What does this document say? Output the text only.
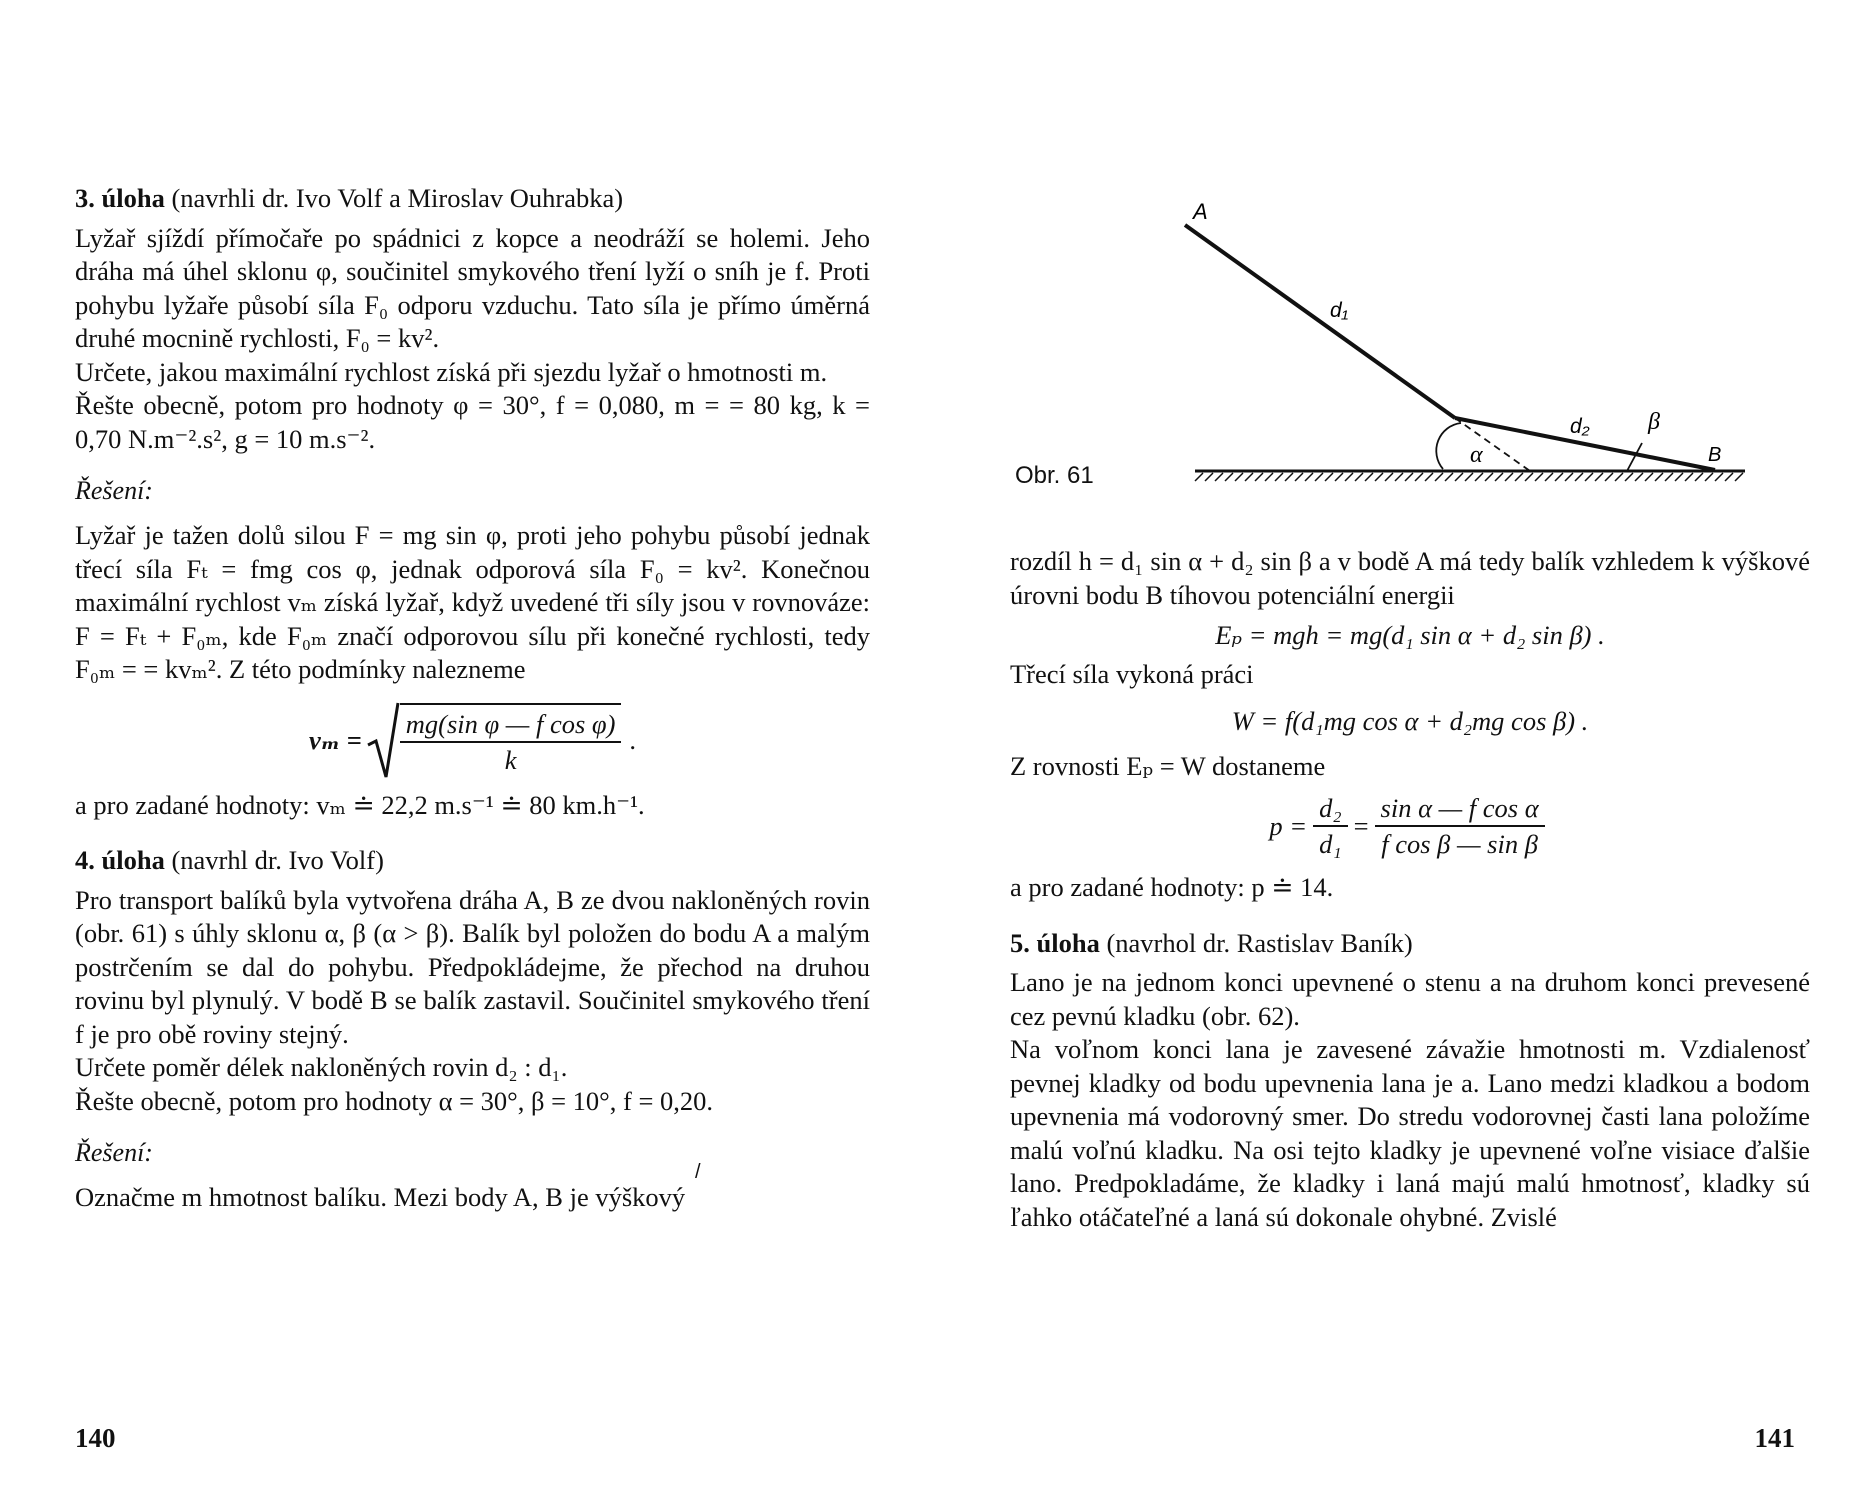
3. úloha (navrhli dr. Ivo Volf a Miroslav Ouhrabka)

Lyžař sjíždí přímočaře po spádnici z kopce a neodráží se holemi. Jeho dráha má úhel sklonu φ, součinitel smykového tření lyží o sníh je f. Proti pohybu lyžaře působí síla F₀ odporu vzduchu. Tato síla je přímo úměrná druhé mocnině rychlosti, F₀ = kv².

Určete, jakou maximální rychlost získá při sjezdu lyžař o hmotnosti m.

Řešte obecně, potom pro hodnoty φ = 30°, f = 0,080, m = = 80 kg, k = 0,70 N.m⁻².s², g = 10 m.s⁻².

Řešení:

Lyžař je tažen dolů silou F = mg sin φ, proti jeho pohybu působí jednak třecí síla Fₜ = fmg cos φ, jednak odporová síla F₀ = kv². Konečnou maximální rychlost vₘ získá lyžař, když uvedené tři síly jsou v rovnováze: F = Fₜ + F₀ₘ, kde F₀ₘ značí odporovou sílu při konečné rychlosti, tedy F₀ₘ = = kvₘ². Z této podmínky nalezneme

$v_m = \frac{\text{mg(sin φ — f cos φ)}}{k}$ .

a pro zadané hodnoty: vₘ ≐ 22,2 m.s⁻¹ ≐ 80 km.h⁻¹.

4. úloha (navrhl dr. Ivo Volf)

Pro transport balíků byla vytvořena dráha A, B ze dvou nakloněných rovin (obr. 61) s úhly sklonu α, β (α > β). Balík byl položen do bodu A a malým postrčením se dal do pohybu. Předpokládejme, že přechod na druhou rovinu byl plynulý. V bodě B se balík zastavil. Součinitel smykového tření f je pro obě roviny stejný.

Určete poměr délek nakloněných rovin d₂ : d₁.

Řešte obecně, potom pro hodnoty α = 30°, β = 10°, f = 0,20.

Řešení:
/

Označme m hmotnost balíku. Mezi body A, B je výškový

140
A
B
d₁
d₂
α
β
Obr. 61

rozdíl h = d₁ sin α + d₂ sin β a v bodě A má tedy balík vzhledem k výškové úrovni bodu B tíhovou potenciální energii

Eₚ = mgh = mg(d₁ sin α + d₂ sin β) .

Třecí síla vykoná práci

W = f(d₁mg cos α + d₂mg cos β) .

Z rovnosti Eₚ = W dostaneme

$p = \frac{\text{d₂}}{\text{d₁}} = \frac{\text{sin α — f cos α}}{\text{f cos β — sin β}}$

a pro zadané hodnoty: p ≐ 14.

5. úloha (navrhol dr. Rastislav Baník)

Lano je na jednom konci upevnené o stenu a na druhom konci prevesené cez pevnú kladku (obr. 62).

Na voľnom konci lana je zavesené závažie hmotnosti m. Vzdialenosť pevnej kladky od bodu upevnenia lana je a. Lano medzi kladkou a bodom upevnenia má vodorovný smer. Do stredu vodorovnej časti lana položíme malú voľnú kladku. Na osi tejto kladky je upevnené voľne visiace ďalšie lano. Predpokladáme, že kladky i laná majú malú hmotnosť, kladky sú ľahko otáčateľné a laná sú dokonale ohybné. Zvislé

141
